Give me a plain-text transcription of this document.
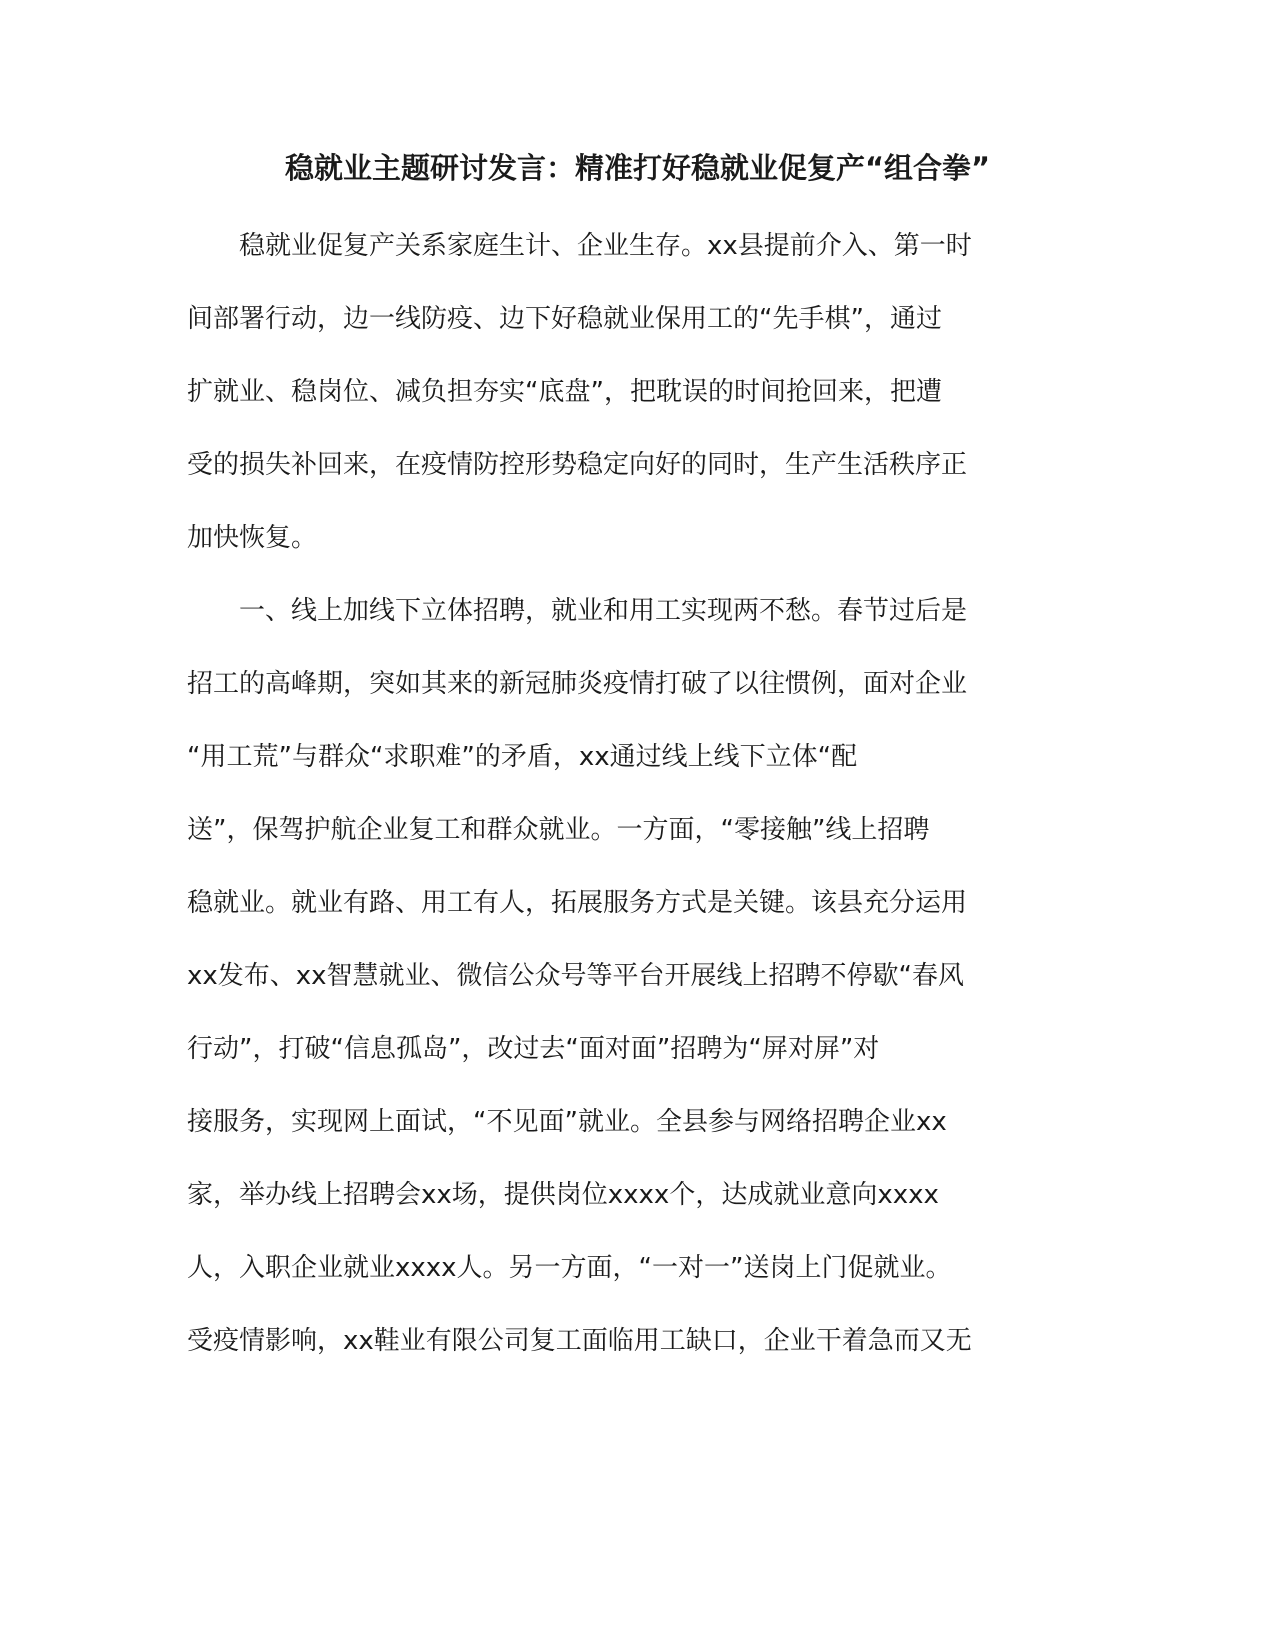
稳就业主题研讨发言：精准打好稳就业促复产“组合拳”
　　稳就业促复产关系家庭生计、企业生存。xx县提前介入、第一时
间部署行动，边一线防疫、边下好稳就业保用工的“先手棋”，通过
扩就业、稳岗位、减负担夯实“底盘”，把耽误的时间抢回来，把遭
受的损失补回来，在疫情防控形势稳定向好的同时，生产生活秩序正
加快恢复。
　　一、线上加线下立体招聘，就业和用工实现两不愁。春节过后是
招工的高峰期，突如其来的新冠肺炎疫情打破了以往惯例，面对企业
“用工荒”与群众“求职难”的矛盾，xx通过线上线下立体“配
送”，保驾护航企业复工和群众就业。一方面，“零接触”线上招聘
稳就业。就业有路、用工有人，拓展服务方式是关键。该县充分运用
xx发布、xx智慧就业、微信公众号等平台开展线上招聘不停歇“春风
行动”，打破“信息孤岛”，改过去“面对面”招聘为“屏对屏”对
接服务，实现网上面试，“不见面”就业。全县参与网络招聘企业xx
家，举办线上招聘会xx场，提供岗位xxxx个，达成就业意向xxxx
人，入职企业就业xxxx人。另一方面，“一对一”送岗上门促就业。
受疫情影响，xx鞋业有限公司复工面临用工缺口，企业干着急而又无
